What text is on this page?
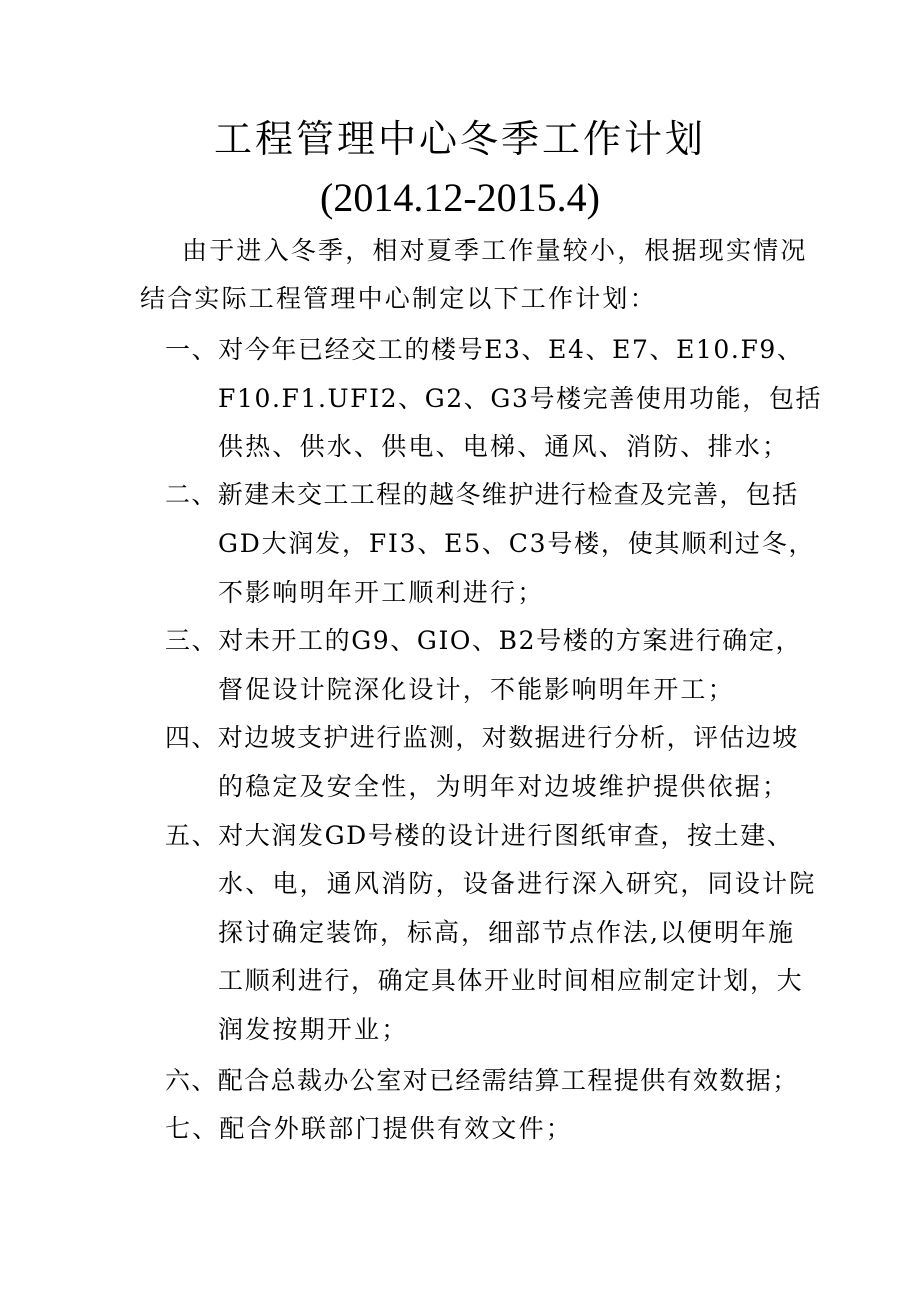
工程管理中心冬季工作计划
(2014.12-2015.4)
由于进入冬季，相对夏季工作量较小，根据现实情况
结合实际工程管理中心制定以下工作计划：
一、对今年已经交工的楼号E3、E4、E7、E10.F9、
F10.F1.UFI2、G2、G3号楼完善使用功能，包括
供热、供水、供电、电梯、通风、消防、排水；
二、新建未交工工程的越冬维护进行检查及完善，包括
GD大润发，FI3、E5、C3号楼，使其顺利过冬，
不影响明年开工顺利进行；
三、对未开工的G9、GIO、B2号楼的方案进行确定，
督促设计院深化设计，不能影响明年开工；
四、对边坡支护进行监测，对数据进行分析，评估边坡
的稳定及安全性，为明年对边坡维护提供依据；
五、对大润发GD号楼的设计进行图纸审查，按土建、
水、电，通风消防，设备进行深入研究，同设计院
探讨确定装饰，标高，细部节点作法,以便明年施
工顺利进行，确定具体开业时间相应制定计划，大
润发按期开业；
六、配合总裁办公室对已经需结算工程提供有效数据；
七、配合外联部门提供有效文件；
